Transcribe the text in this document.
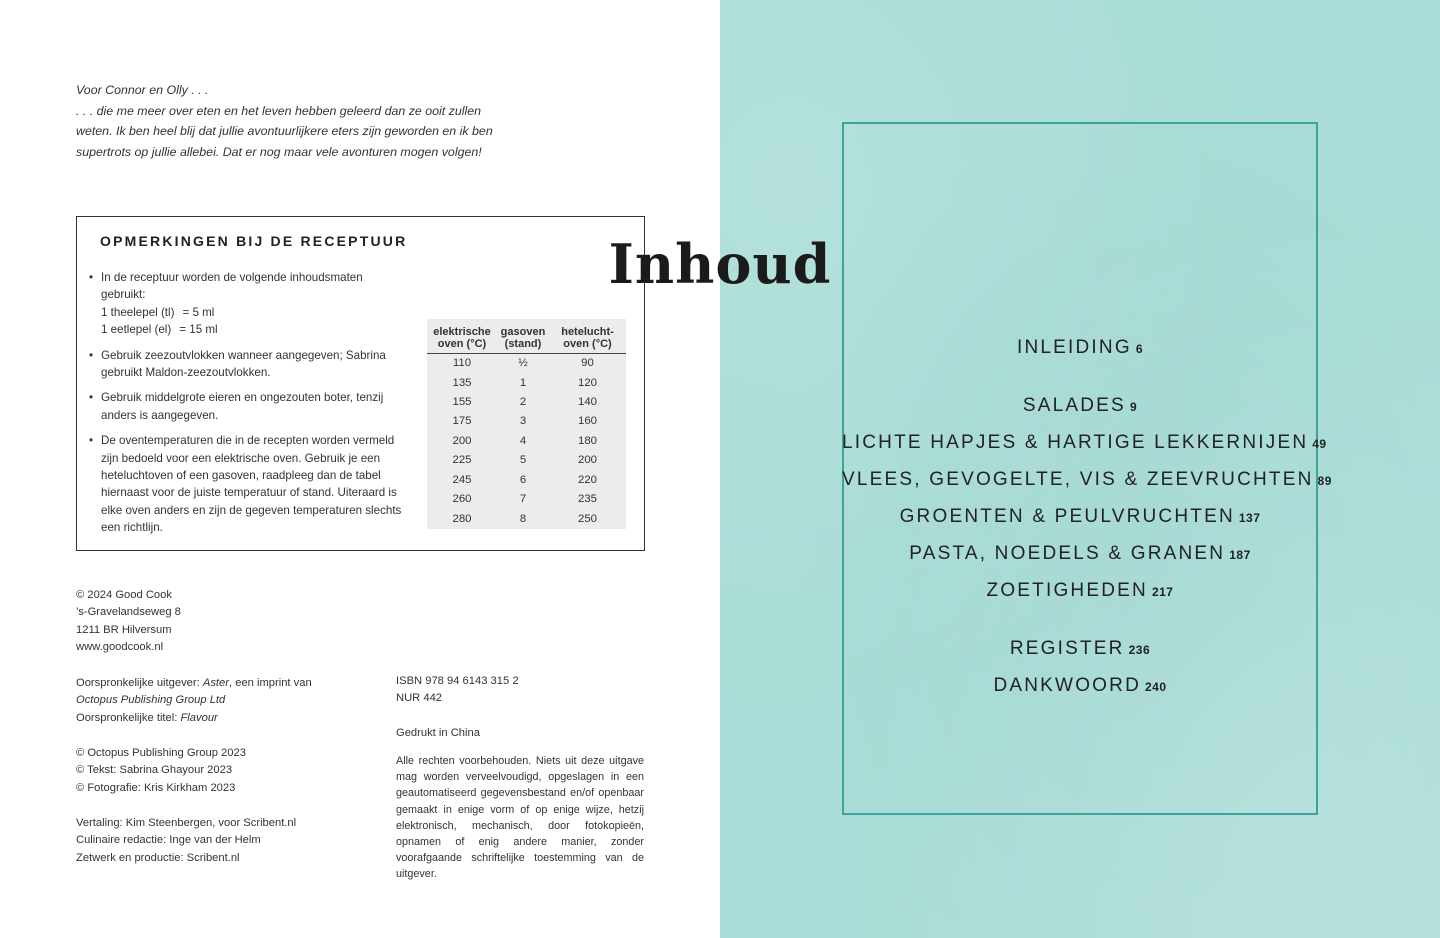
Voor Connor en Olly . . .
. . . die me meer over eten en het leven hebben geleerd dan ze ooit zullen weten. Ik ben heel blij dat jullie avontuurlijkere eters zijn geworden en ik ben supertrots op jullie allebei. Dat er nog maar vele avonturen mogen volgen!
OPMERKINGEN BIJ DE RECEPTUUR
• In de receptuur worden de volgende inhoudsmaten gebruikt:
1 theelepel (tl) = 5 ml
1 eetlepel (el) = 15 ml
• Gebruik zeezoutvlokken wanneer aangegeven; Sabrina gebruikt Maldon-zeezoutvlokken.
• Gebruik middelgrote eieren en ongezouten boter, tenzij anders is aangegeven.
• De oventemperaturen die in de recepten worden vermeld zijn bedoeld voor een elektrische oven. Gebruik je een heteluchtoven of een gasoven, raadpleeg dan de tabel hiernaast voor de juiste temperatuur of stand. Uiteraard is elke oven anders en zijn de gegeven temperaturen slechts een richtlijn.
elektrische oven (°C)	gasoven (stand)	hetelucht-oven (°C)
110	½	90
135	1	120
155	2	140
175	3	160
200	4	180
225	5	200
245	6	220
260	7	235
280	8	250
© 2024 Good Cook
’s-Gravelandseweg 8
1211 BR Hilversum
www.goodcook.nl
Oorspronkelijke uitgever: Aster, een imprint van
Octopus Publishing Group Ltd
Oorspronkelijke titel: Flavour
© Octopus Publishing Group 2023
© Tekst: Sabrina Ghayour 2023
© Fotografie: Kris Kirkham 2023
Vertaling: Kim Steenbergen, voor Scribent.nl
Culinaire redactie: Inge van der Helm
Zetwerk en productie: Scribent.nl
ISBN 978 94 6143 315 2
NUR 442
Gedrukt in China
Alle rechten voorbehouden. Niets uit deze uitgave mag worden verveelvoudigd, opgeslagen in een geautomatiseerd gegevensbestand en/of openbaar gemaakt in enige vorm of op enige wijze, hetzij elektronisch, mechanisch, door fotokopieën, opnamen of enig andere manier, zonder voorafgaande schriftelijke toestemming van de uitgever.
Inhoud
INLEIDING 6
SALADES 9
LICHTE HAPJES & HARTIGE LEKKERNIJEN 49
VLEES, GEVOGELTE, VIS & ZEEVRUCHTEN 89
GROENTEN & PEULVRUCHTEN 137
PASTA, NOEDELS & GRANEN 187
ZOETIGHEDEN 217
REGISTER 236
DANKWOORD 240
